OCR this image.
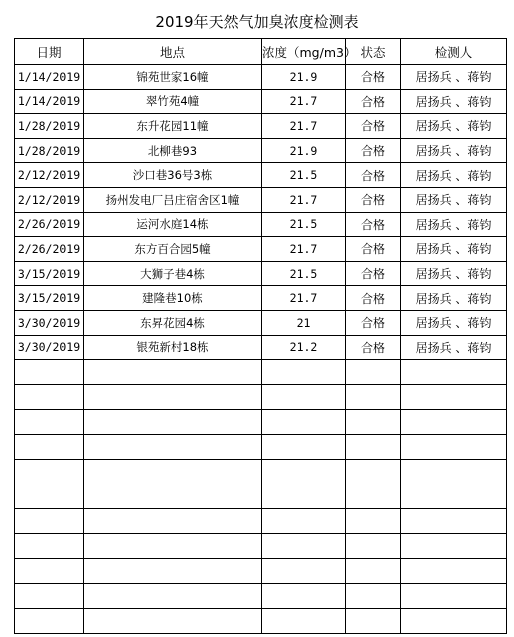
2019年天然气加臭浓度检测表
日期	地点	浓度（mg/m3）	状态	检测人
1/14/2019	锦苑世家16幢	21.9	合格	居扬兵 、蒋钧
1/14/2019	翠竹苑4幢	21.7	合格	居扬兵 、蒋钧
1/28/2019	东升花园11幢	21.7	合格	居扬兵 、蒋钧
1/28/2019	北柳巷93	21.9	合格	居扬兵 、蒋钧
2/12/2019	沙口巷36号3栋	21.5	合格	居扬兵 、蒋钧
2/12/2019	扬州发电厂吕庄宿舍区1幢	21.7	合格	居扬兵 、蒋钧
2/26/2019	运河水庭14栋	21.5	合格	居扬兵 、蒋钧
2/26/2019	东方百合园5幢	21.7	合格	居扬兵 、蒋钧
3/15/2019	大狮子巷4栋	21.5	合格	居扬兵 、蒋钧
3/15/2019	建隆巷10栋	21.7	合格	居扬兵 、蒋钧
3/30/2019	东昇花园4栋	21	合格	居扬兵 、蒋钧
3/30/2019	银苑新村18栋	21.2	合格	居扬兵 、蒋钧
